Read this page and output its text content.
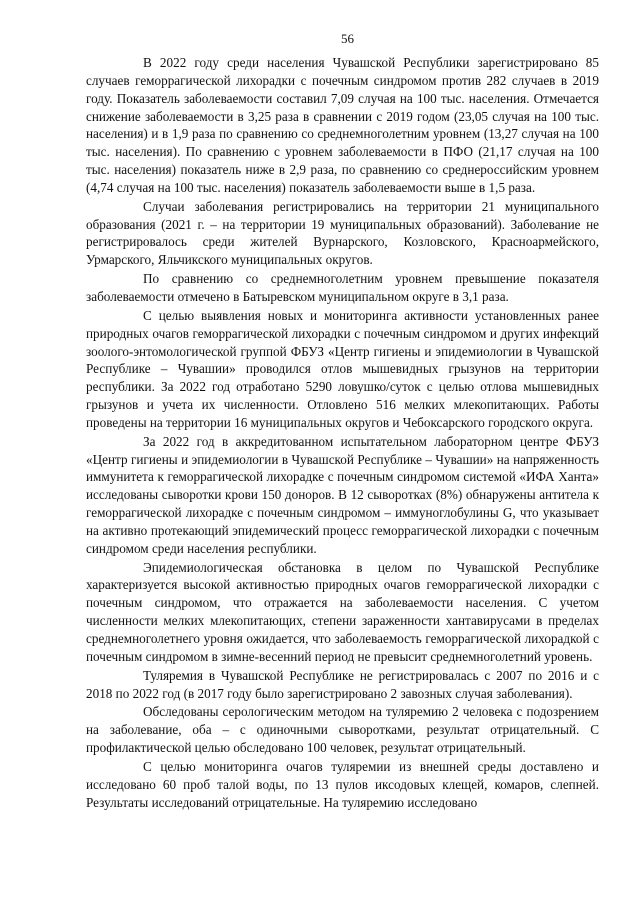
56

В 2022 году среди населения Чувашской Республики зарегистрировано 85 случаев геморрагической лихорадки с почечным синдромом против 282 случаев в 2019 году. Показатель заболеваемости составил 7,09 случая на 100 тыс. населения. Отмечается снижение заболеваемости в 3,25 раза в сравнении с 2019 годом (23,05 случая на 100 тыс. населения) и в 1,9 раза по сравнению со среднемноголетним уровнем (13,27 случая на 100 тыс. населения). По сравнению с уровнем заболеваемости в ПФО (21,17 случая на 100 тыс. населения) показатель ниже в 2,9 раза, по сравнению со среднероссийским уровнем (4,74 случая на 100 тыс. населения) показатель заболеваемости выше в 1,5 раза.

Случаи заболевания регистрировались на территории 21 муниципального образования (2021 г. – на территории 19 муниципальных образований). Заболевание не регистрировалось среди жителей Вурнарского, Козловского, Красноармейского, Урмарского, Яльчикского муниципальных округов.

По сравнению со среднемноголетним уровнем превышение показателя заболеваемости отмечено в Батыревском муниципальном округе в 3,1 раза.

С целью выявления новых и мониторинга активности установленных ранее природных очагов геморрагической лихорадки с почечным синдромом и других инфекций зоолого-энтомологической группой ФБУЗ «Центр гигиены и эпидемиологии в Чувашской Республике – Чувашии» проводился отлов мышевидных грызунов на территории республики. За 2022 год отработано 5290 ловушко/суток с целью отлова мышевидных грызунов и учета их численности. Отловлено 516 мелких млекопитающих. Работы проведены на территории 16 муниципальных округов и Чебоксарского городского округа.

За 2022 год в аккредитованном испытательном лабораторном центре ФБУЗ «Центр гигиены и эпидемиологии в Чувашской Республике – Чувашии» на напряженность иммунитета к геморрагической лихорадке с почечным синдромом системой «ИФА Ханта» исследованы сыворотки крови 150 доноров. В 12 сыворотках (8%) обнаружены антитела к геморрагической лихорадке с почечным синдромом – иммуноглобулины G, что указывает на активно протекающий эпидемический процесс геморрагической лихорадки с почечным синдромом среди населения республики.

Эпидемиологическая обстановка в целом по Чувашской Республике характеризуется высокой активностью природных очагов геморрагической лихорадки с почечным синдромом, что отражается на заболеваемости населения. С учетом численности мелких млекопитающих, степени зараженности хантавирусами в пределах среднемноголетнего уровня ожидается, что заболеваемость геморрагической лихорадкой с почечным синдромом в зимне-весенний период не превысит среднемноголетний уровень.

Туляремия в Чувашской Республике не регистрировалась с 2007 по 2016 и с 2018 по 2022 год (в 2017 году было зарегистрировано 2 завозных случая заболевания).

Обследованы серологическим методом на туляремию 2 человека с подозрением на заболевание, оба – с одиночными сыворотками, результат отрицательный. С профилактической целью обследовано 100 человек, результат отрицательный.

С целью мониторинга очагов туляремии из внешней среды доставлено и исследовано 60 проб талой воды, по 13 пулов иксодовых клещей, комаров, слепней. Результаты исследований отрицательные. На туляремию исследовано
